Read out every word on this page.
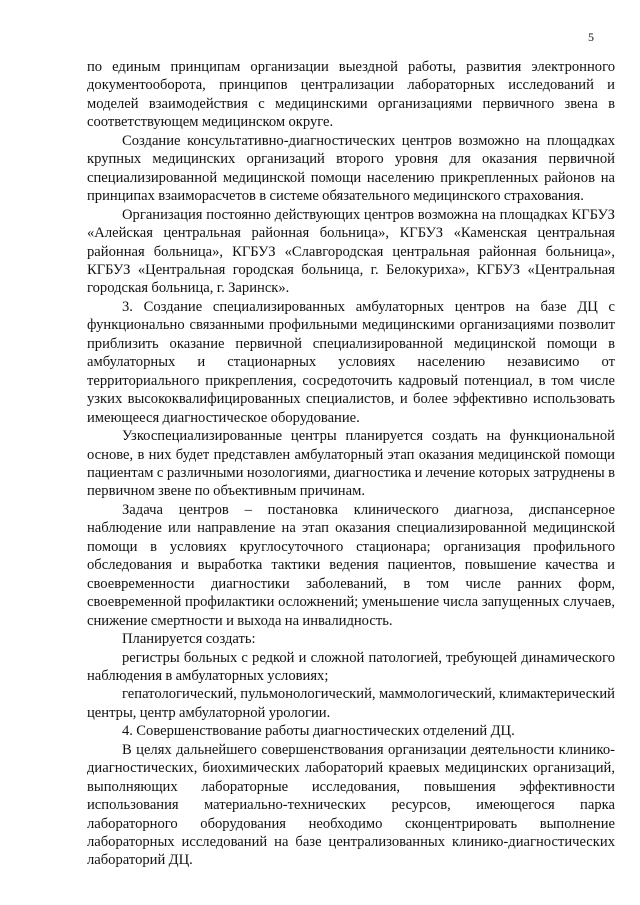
5

по единым принципам организации выездной работы, развития электронного документооборота, принципов централизации лабораторных исследований и моделей взаимодействия с медицинскими организациями первичного звена в соответствующем медицинском округе.

Создание консультативно-диагностических центров возможно на площадках крупных медицинских организаций второго уровня для оказания первичной специализированной медицинской помощи населению прикрепленных районов на принципах взаиморасчетов в системе обязательного медицинского страхования.

Организация постоянно действующих центров возможна на площадках КГБУЗ «Алейская центральная районная больница», КГБУЗ «Каменская центральная районная больница», КГБУЗ «Славгородская центральная районная больница», КГБУЗ «Центральная городская больница, г. Белокуриха», КГБУЗ «Центральная городская больница, г. Заринск».

3. Создание специализированных амбулаторных центров на базе ДЦ с функционально связанными профильными медицинскими организациями позволит приблизить оказание первичной специализированной медицинской помощи в амбулаторных и стационарных условиях населению независимо от территориального прикрепления, сосредоточить кадровый потенциал, в том числе узких высококвалифицированных специалистов, и более эффективно использовать имеющееся диагностическое оборудование.

Узкоспециализированные центры планируется создать на функциональной основе, в них будет представлен амбулаторный этап оказания медицинской помощи пациентам с различными нозологиями, диагностика и лечение которых затруднены в первичном звене по объективным причинам.

Задача центров – постановка клинического диагноза, диспансерное наблюдение или направление на этап оказания специализированной медицинской помощи в условиях круглосуточного стационара; организация профильного обследования и выработка тактики ведения пациентов, повышение качества и своевременности диагностики заболеваний, в том числе ранних форм, своевременной профилактики осложнений; уменьшение числа запущенных случаев, снижение смертности и выхода на инвалидность.

Планируется создать:

регистры больных с редкой и сложной патологией, требующей динамического наблюдения в амбулаторных условиях;

гепатологический, пульмонологический, маммологический, климактерический центры, центр амбулаторной урологии.

4. Совершенствование работы диагностических отделений ДЦ.

В целях дальнейшего совершенствования организации деятельности клинико-диагностических, биохимических лабораторий краевых медицинских организаций, выполняющих лабораторные исследования, повышения эффективности использования материально-технических ресурсов, имеющегося парка лабораторного оборудования необходимо сконцентрировать выполнение лабораторных исследований на базе централизованных клинико-диагностических лабораторий ДЦ.
